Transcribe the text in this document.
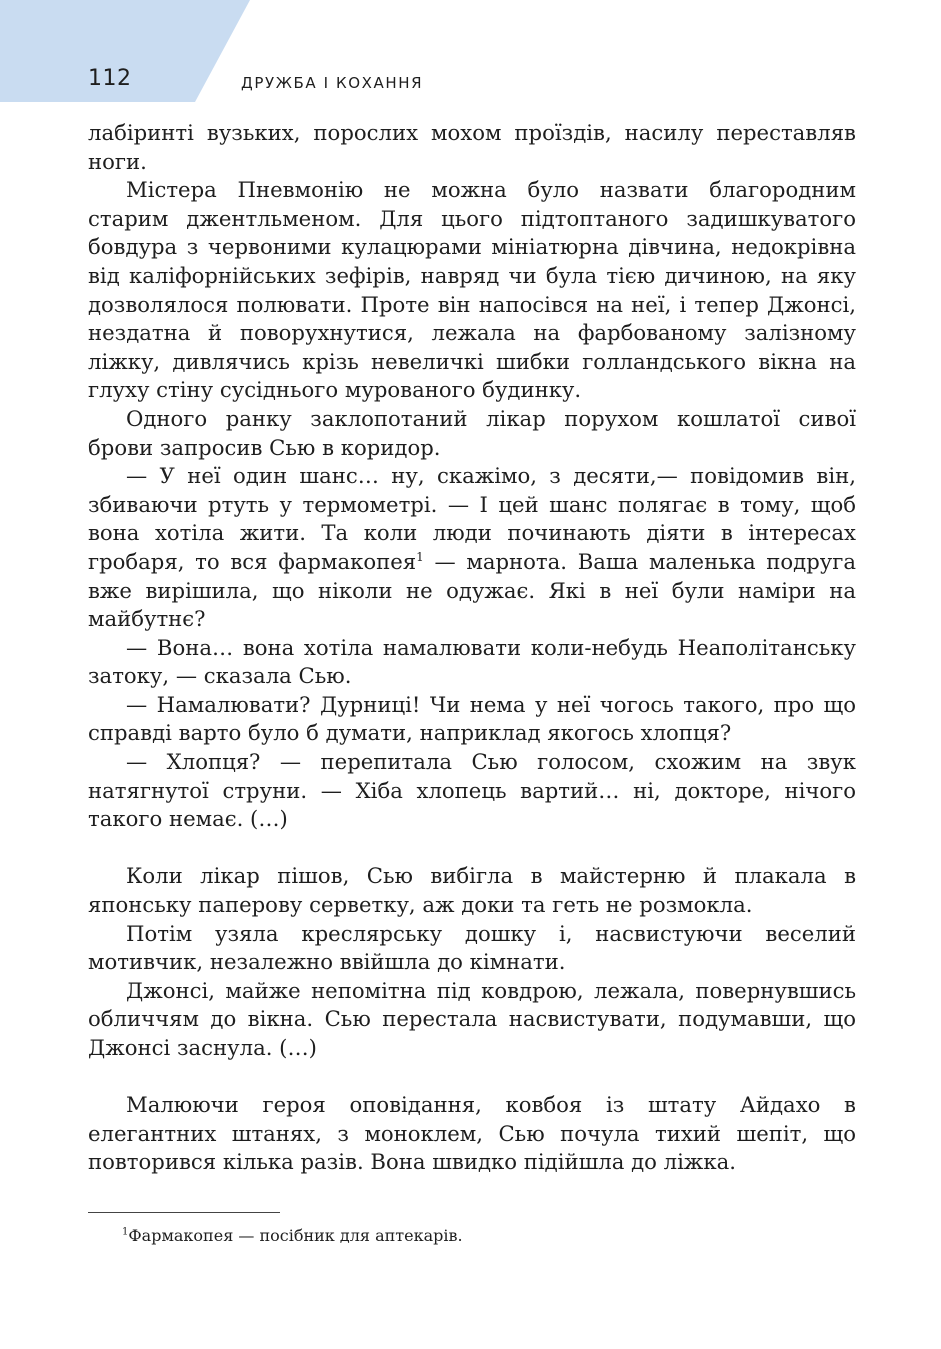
112	ДРУЖБА І КОХАННЯ

лабіринті вузьких, порослих мохом проїздів, насилу переставляв ноги.

Містера Пневмонію не можна було назвати благородним старим джентльменом. Для цього підтоптаного задишкуватого бовдура з червоними кулацюрами мініатюрна дівчина, недокрівна від каліфорнійських зефірів, навряд чи була тією дичиною, на яку дозволялося полювати. Проте він напосівся на неї, і тепер Джонсі, нездатна й поворухнутися, лежала на фарбованому залізному ліжку, дивлячись крізь невеличкі шибки голландського вікна на глуху стіну сусіднього мурованого будинку.

Одного ранку заклопотаний лікар порухом кошлатої сивої брови запросив Сью в коридор.

— У неї один шанс… ну, скажімо, з десяти,— повідомив він, збиваючи ртуть у термометрі. — І цей шанс полягає в тому, щоб вона хотіла жити. Та коли люди починають діяти в інтересах гробаря, то вся фармакопея$^1$ — марнота. Ваша маленька подруга вже вирішила, що ніколи не одужає. Які в неї були наміри на майбутнє?

— Вона… вона хотіла намалювати коли-небудь Неаполітанську затоку, — сказала Сью.

— Намалювати? Дурниці! Чи нема у неї чогось такого, про що справді варто було б думати, наприклад якогось хлопця?

— Хлопця? — перепитала Сью голосом, схожим на звук натягнутої струни. — Хіба хлопець вартий… ні, докторе, нічого такого немає. (…)

Коли лікар пішов, Сью вибігла в майстерню й плакала в японську паперову серветку, аж доки та геть не розмокла.

Потім узяла креслярську дошку і, насвистуючи веселий мотивчик, незалежно ввійшла до кімнати.

Джонсі, майже непомітна під ковдрою, лежала, повернувшись обличчям до вікна. Сью перестала насвистувати, подумавши, що Джонсі заснула. (…)

Малюючи героя оповідання, ковбоя із штату Айдахо в елегантних штанях, з моноклем, Сью почула тихий шепіт, що повторився кілька разів. Вона швидко підійшла до ліжка.

$^1$Фармакопея — посібник для аптекарів.
